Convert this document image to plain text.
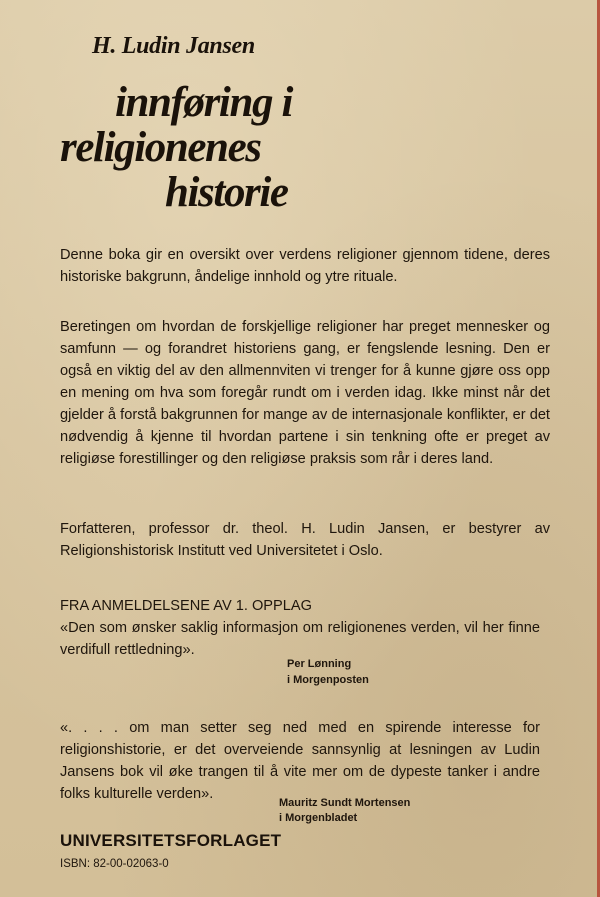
H. Ludin Jansen

innføring i
religionenes
historie

Denne boka gir en oversikt over verdens religioner gjennom tidene, deres historiske bakgrunn, åndelige innhold og ytre rituale.

Beretingen om hvordan de forskjellige religioner har preget mennesker og samfunn — og forandret historiens gang, er fengslende lesning. Den er også en viktig del av den allmennviten vi trenger for å kunne gjøre oss opp en mening om hva som foregår rundt om i verden idag. Ikke minst når det gjelder å forstå bakgrunnen for mange av de internasjonale konflikter, er det nødvendig å kjenne til hvordan partene i sin tenkning ofte er preget av religiøse forestillinger og den religiøse praksis som rår i deres land.

Forfatteren, professor dr. theol. H. Ludin Jansen, er bestyrer av Religionshistorisk Institutt ved Universitetet i Oslo.

FRA ANMELDELSENE AV 1. OPPLAG

«Den som ønsker saklig informasjon om religionenes verden, vil her finne verdifull rettledning».

Per Lønning

i Morgenposten

«. . . . om man setter seg ned med en spirende interesse for religionshistorie, er det overveiende sannsynlig at lesningen av Ludin Jansens bok vil øke trangen til å vite mer om de dypeste tanker i andre folks kulturelle verden».

Mauritz Sundt Mortensen

i Morgenbladet

UNIVERSITETSFORLAGET

ISBN: 82-00-02063-0
